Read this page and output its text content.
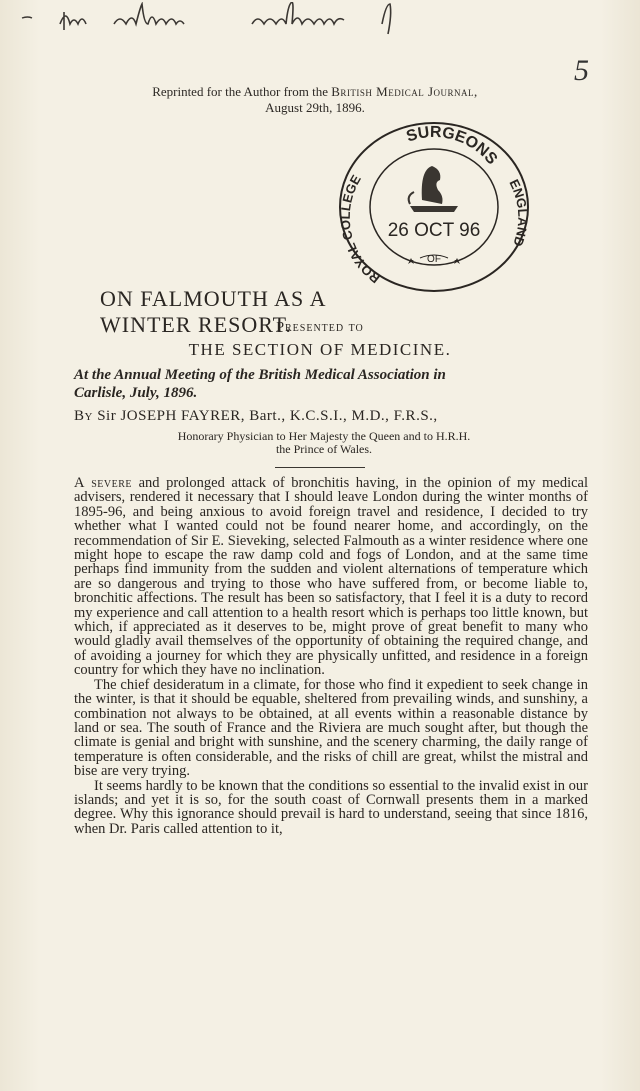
5
Reprinted for the Author from the British Medical Journal,
August 29th, 1896.
ON FALMOUTH AS A WINTER RESORT.
SURGEONS
ROYAL COLLEGE	ENGLAND
26 OCT 96
OF
Presented to
THE SECTION OF MEDICINE.
At the Annual Meeting of the British Medical Association in
Carlisle, July, 1896.
By Sir JOSEPH FAYRER, Bart., K.C.S.I., M.D., F.R.S.,
Honorary Physician to Her Majesty the Queen and to H.R.H.
the Prince of Wales.

A severe and prolonged attack of bronchitis having, in the opinion of my medical advisers, rendered it necessary that I should leave London during the winter months of 1895-96, and being anxious to avoid foreign travel and residence, I decided to try whether what I wanted could not be found nearer home, and accordingly, on the recommendation of Sir E. Sieveking, selected Falmouth as a winter residence where one might hope to escape the raw damp cold and fogs of London, and at the same time perhaps find immunity from the sudden and violent alternations of temperature which are so dangerous and trying to those who have suffered from, or become liable to, bronchitic affections. The result has been so satisfactory, that I feel it is a duty to record my experience and call attention to a health resort which is perhaps too little known, but which, if appreciated as it deserves to be, might prove of great benefit to many who would gladly avail themselves of the opportunity of obtaining the required change, and of avoiding a journey for which they are physically unfitted, and residence in a foreign country for which they have no inclination.

The chief desideratum in a climate, for those who find it expedient to seek change in the winter, is that it should be equable, sheltered from prevailing winds, and sunshiny, a combination not always to be obtained, at all events within a reasonable distance by land or sea. The south of France and the Riviera are much sought after, but though the climate is genial and bright with sunshine, and the scenery charming, the daily range of temperature is often considerable, and the risks of chill are great, whilst the mistral and bise are very trying.

It seems hardly to be known that the conditions so essential to the invalid exist in our islands; and yet it is so, for the south coast of Cornwall presents them in a marked degree. Why this ignorance should prevail is hard to understand, seeing that since 1816, when Dr. Paris called attention to it,
